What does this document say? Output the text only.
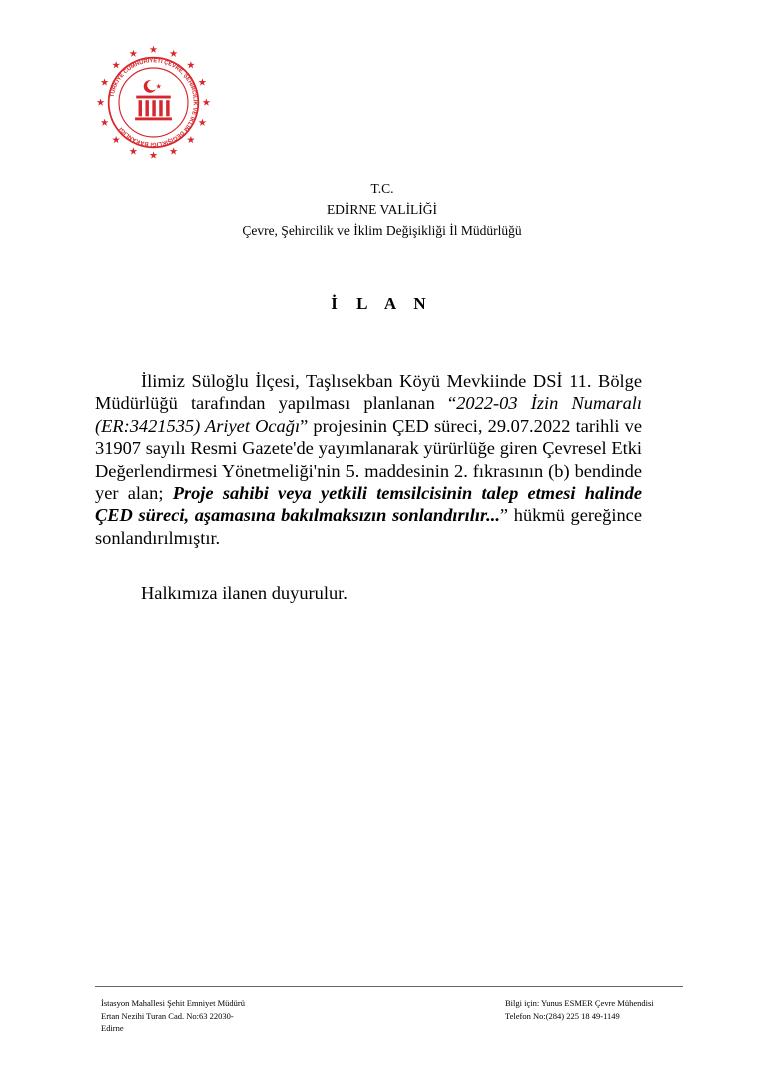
TÜRKİYE CUMHURİYETİ ÇEVRE, ŞEHİRCİLİK VE İKLİM DEĞİŞİKLİĞİ BAKANLIĞI
T.C.
EDİRNE VALİLİĞİ
Çevre, Şehircilik ve İklim Değişikliği İl Müdürlüğü
İ L A N

İlimiz Süloğlu İlçesi, Taşlısekban Köyü Mevkiinde DSİ 11. Bölge Müdürlüğü tarafından yapılması planlanan “2022-03 İzin Numaralı (ER:3421535) Ariyet Ocağı” projesinin ÇED süreci, 29.07.2022 tarihli ve 31907 sayılı Resmi Gazete'de yayımlanarak yürürlüğe giren Çevresel Etki Değerlendirmesi Yönetmeliği'nin 5. maddesinin 2. fıkrasının (b) bendinde yer alan; Proje sahibi veya yetkili temsilcisinin talep etmesi halinde ÇED süreci, aşamasına bakılmaksızın sonlandırılır...” hükmü gereğince sonlandırılmıştır.

Halkımıza ilanen duyurulur.
İstasyon Mahallesi Şehit Emniyet Müdürü
Ertan Nezihi Turan Cad. No:63 22030-
Edirne
Bilgi için: Yunus ESMER Çevre Mühendisi
Telefon No:(284) 225 18 49-1149
